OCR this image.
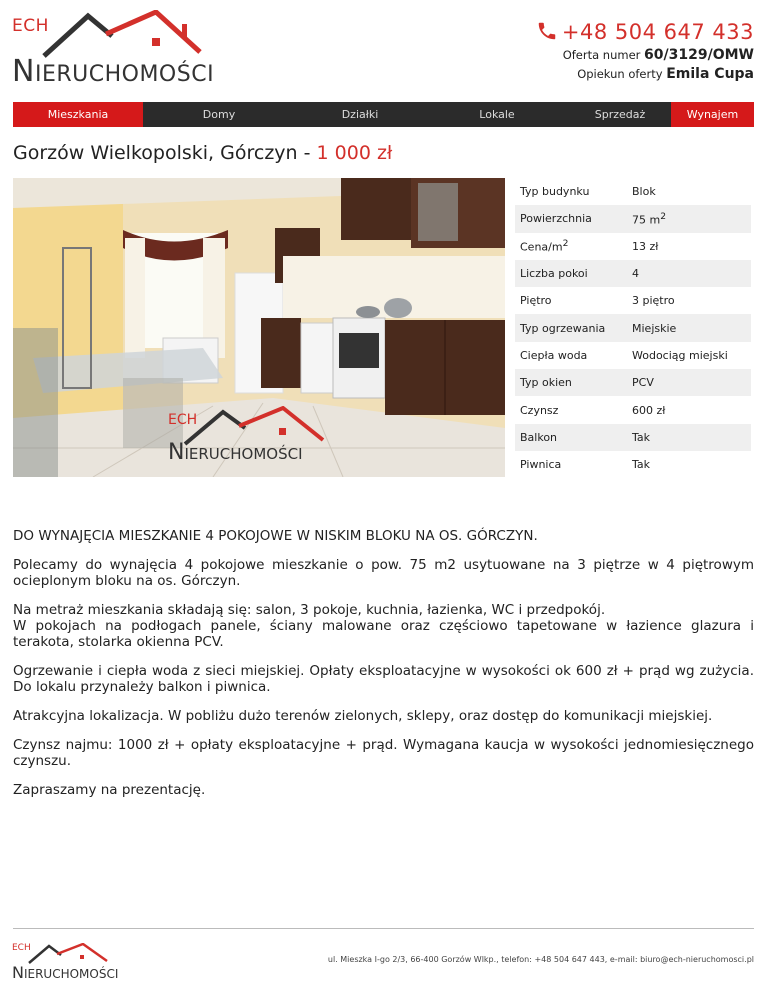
ECH
NIERUCHOMOŚCI
+48 504 647 433
Oferta numer 60/3129/OMW
Opiekun oferty Emila Cupa
Mieszkania	Domy	Działki	Lokale	Sprzedaż	Wynajem
Gorzów Wielkopolski, Górczyn - 1 000 zł
ECH
NIERUCHOMOŚCI
Typ budynku	Blok
Powierzchnia	75 $m^2$
Cena/$m^2$	13 zł
Liczba pokoi	4
Piętro	3 piętro
Typ ogrzewania	Miejskie
Ciepła woda	Wodociąg miejski
Typ okien	PCV
Czynsz	600 zł
Balkon	Tak
Piwnica	Tak

DO WYNAJĘCIA MIESZKANIE 4 POKOJOWE W NISKIM BLOKU NA OS. GÓRCZYN.

Polecamy do wynajęcia 4 pokojowe mieszkanie o pow. 75 m2 usytuowane na 3 piętrze w 4 piętrowym ocieplonym bloku na os. Górczyn.

Na metraż mieszkania składają się: salon, 3 pokoje, kuchnia, łazienka, WC i przedpokój.
W pokojach na podłogach panele, ściany malowane oraz częściowo tapetowane w łazience glazura i terakota, stolarka okienna PCV.

Ogrzewanie i ciepła woda z sieci miejskiej. Opłaty eksploatacyjne w wysokości ok 600 zł + prąd wg zużycia. Do lokalu przynależy balkon i piwnica.

Atrakcyjna lokalizacja. W pobliżu dużo terenów zielonych, sklepy, oraz dostęp do komunikacji miejskiej.

Czynsz najmu: 1000 zł + opłaty eksploatacyjne + prąd. Wymagana kaucja w wysokości jednomiesięcznego czynszu.

Zapraszamy na prezentację.

ECH
NIERUCHOMOŚCI
ul. Mieszka I-go 2/3, 66-400 Gorzów Wlkp., telefon: +48 504 647 443, e-mail: biuro@ech-nieruchomosci.pl
